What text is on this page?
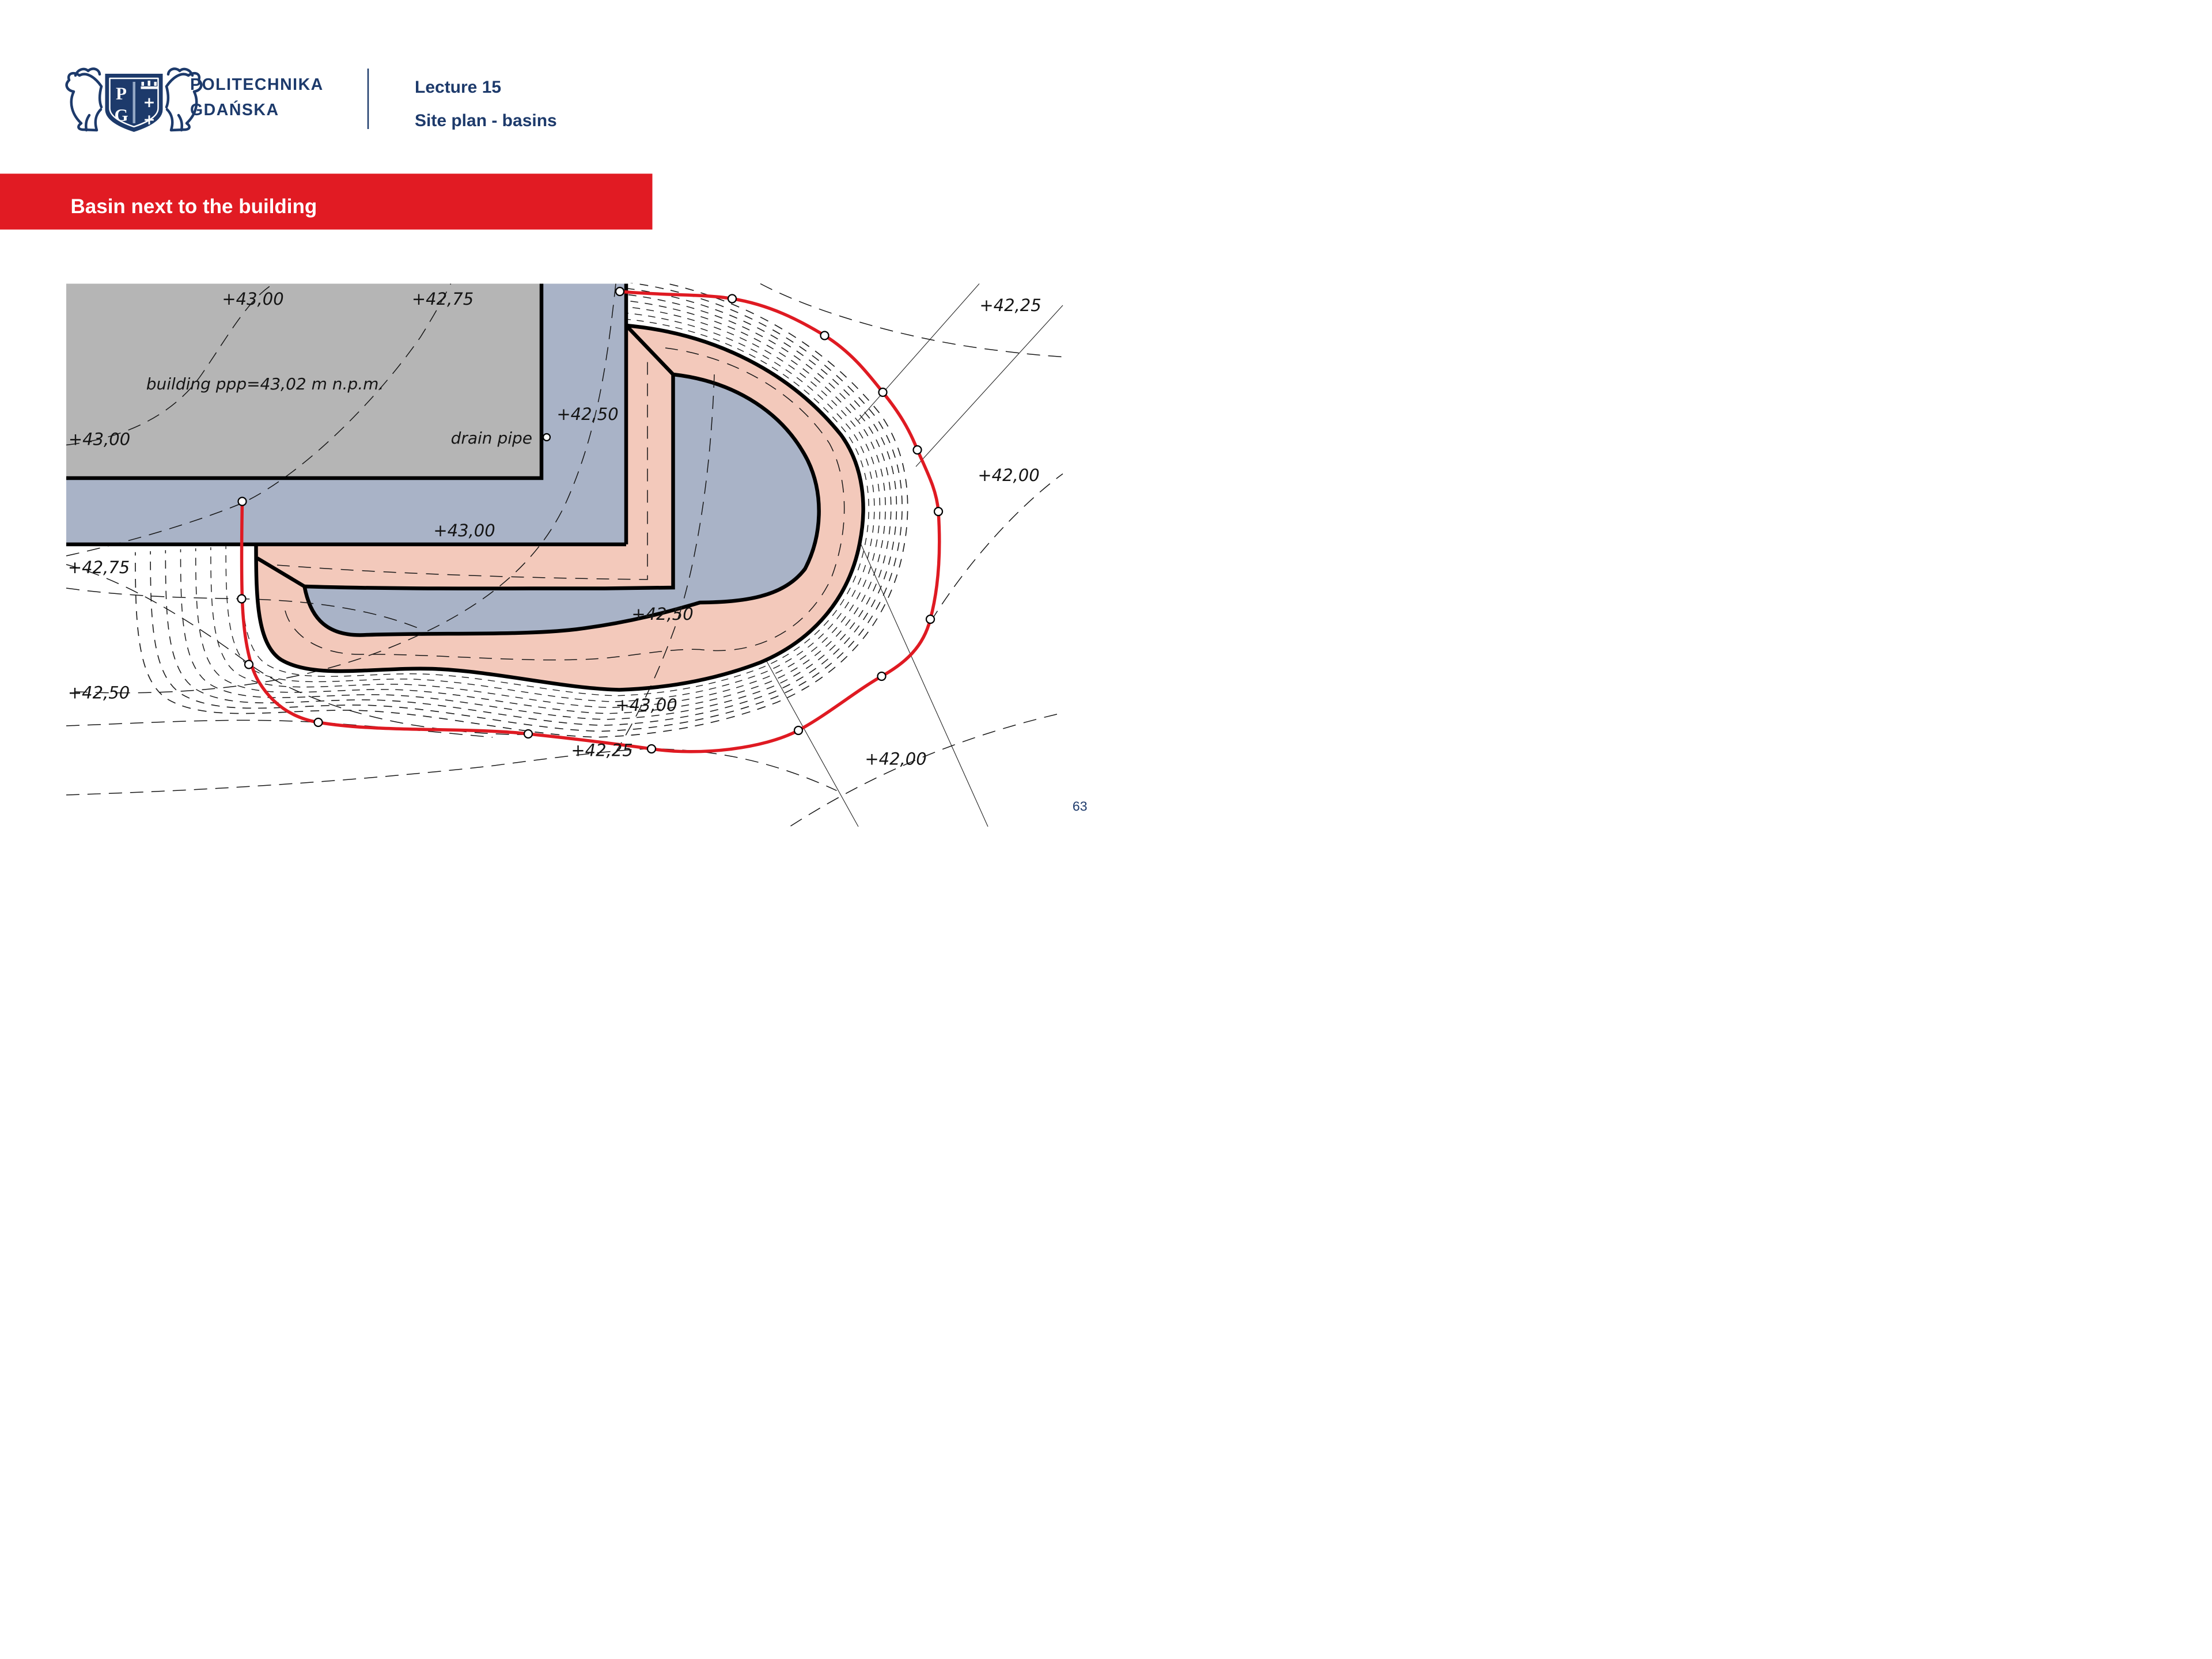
P
G
+
+
POLITECHNIKA
GDAŃSKA
Lecture 15
Site plan - basins
Basin next to the building
building ppp=43,02 m n.p.m.
drain pipe
+43,00	+42,75
+43,00
+42,50
+42,25
+42,00
+43,00
+42,75
+42,50
+42,50
+43,00
+42,25	+42,00
63
